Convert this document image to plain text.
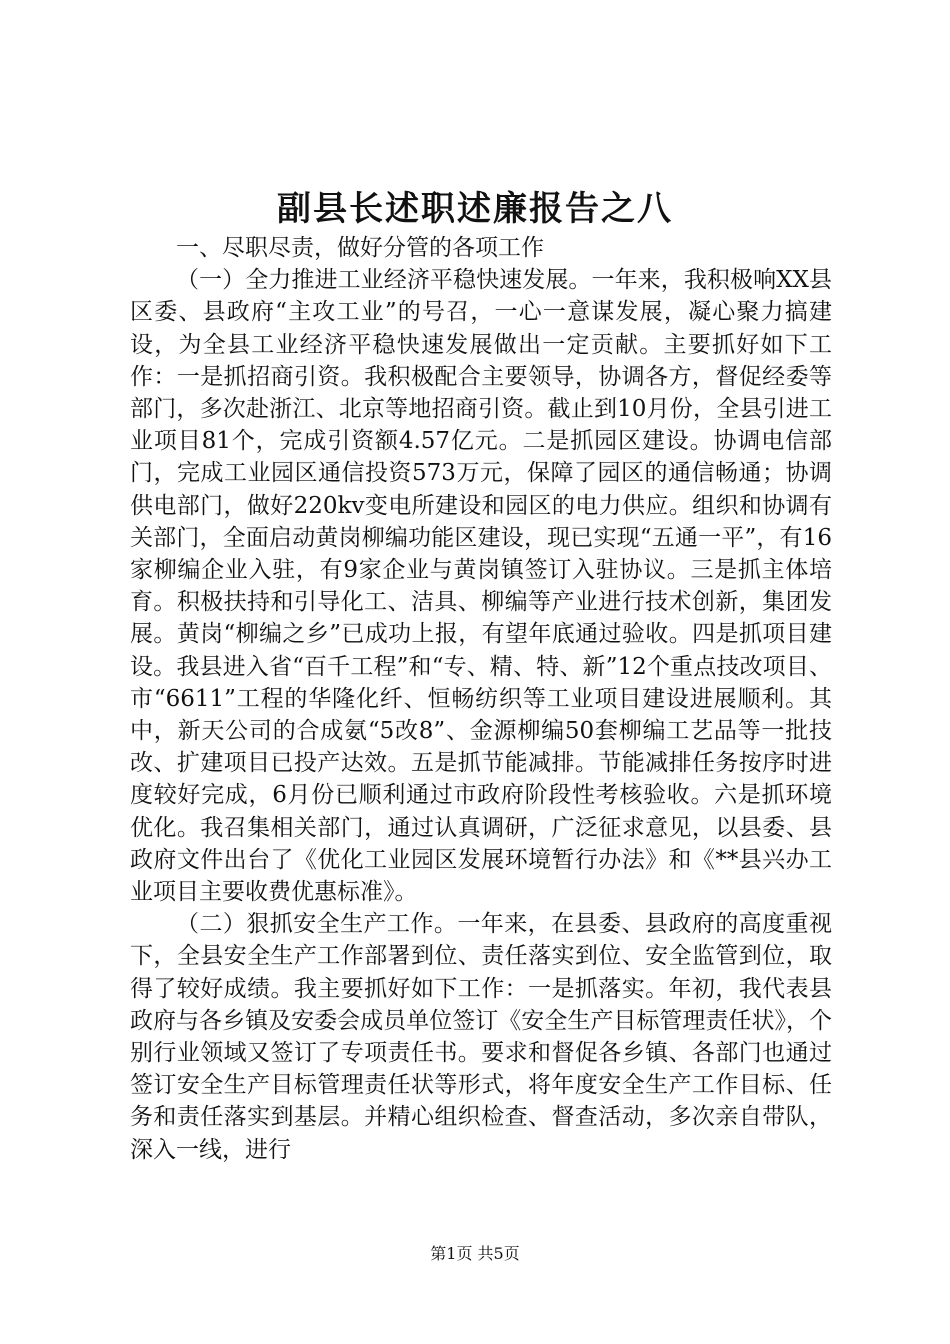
副县长述职述廉报告之八

一、尽职尽责，做好分管的各项工作

（一）全力推进工业经济平稳快速发展。一年来，我积极响XX县区委、县政府“主攻工业”的号召，一心一意谋发展，凝心聚力搞建设，为全县工业经济平稳快速发展做出一定贡献。主要抓好如下工作：一是抓招商引资。我积极配合主要领导，协调各方，督促经委等部门，多次赴浙江、北京等地招商引资。截止到10月份，全县引进工业项目81个，完成引资额4.57亿元。二是抓园区建设。协调电信部门，完成工业园区通信投资573万元，保障了园区的通信畅通；协调供电部门，做好220kv变电所建设和园区的电力供应。组织和协调有关部门，全面启动黄岗柳编功能区建设，现已实现“五通一平”，有16家柳编企业入驻，有9家企业与黄岗镇签订入驻协议。三是抓主体培育。积极扶持和引导化工、洁具、柳编等产业进行技术创新，集团发展。黄岗“柳编之乡”已成功上报，有望年底通过验收。四是抓项目建设。我县进入省“百千工程”和“专、精、特、新”12个重点技改项目、市“6611”工程的华隆化纤、恒畅纺织等工业项目建设进展顺利。其中，新天公司的合成氨“5改8”、金源柳编50套柳编工艺品等一批技改、扩建项目已投产达效。五是抓节能减排。节能减排任务按序时进度较好完成，6月份已顺利通过市政府阶段性考核验收。六是抓环境优化。我召集相关部门，通过认真调研，广泛征求意见，以县委、县政府文件出台了《优化工业园区发展环境暂行办法》和《**县兴办工业项目主要收费优惠标准》。

（二）狠抓安全生产工作。一年来，在县委、县政府的高度重视下，全县安全生产工作部署到位、责任落实到位、安全监管到位，取得了较好成绩。我主要抓好如下工作：一是抓落实。年初，我代表县政府与各乡镇及安委会成员单位签订《安全生产目标管理责任状》，个别行业领域又签订了专项责任书。要求和督促各乡镇、各部门也通过签订安全生产目标管理责任状等形式，将年度安全生产工作目标、任务和责任落实到基层。并精心组织检查、督查活动，多次亲自带队，深入一线，进行

第1页 共5页
